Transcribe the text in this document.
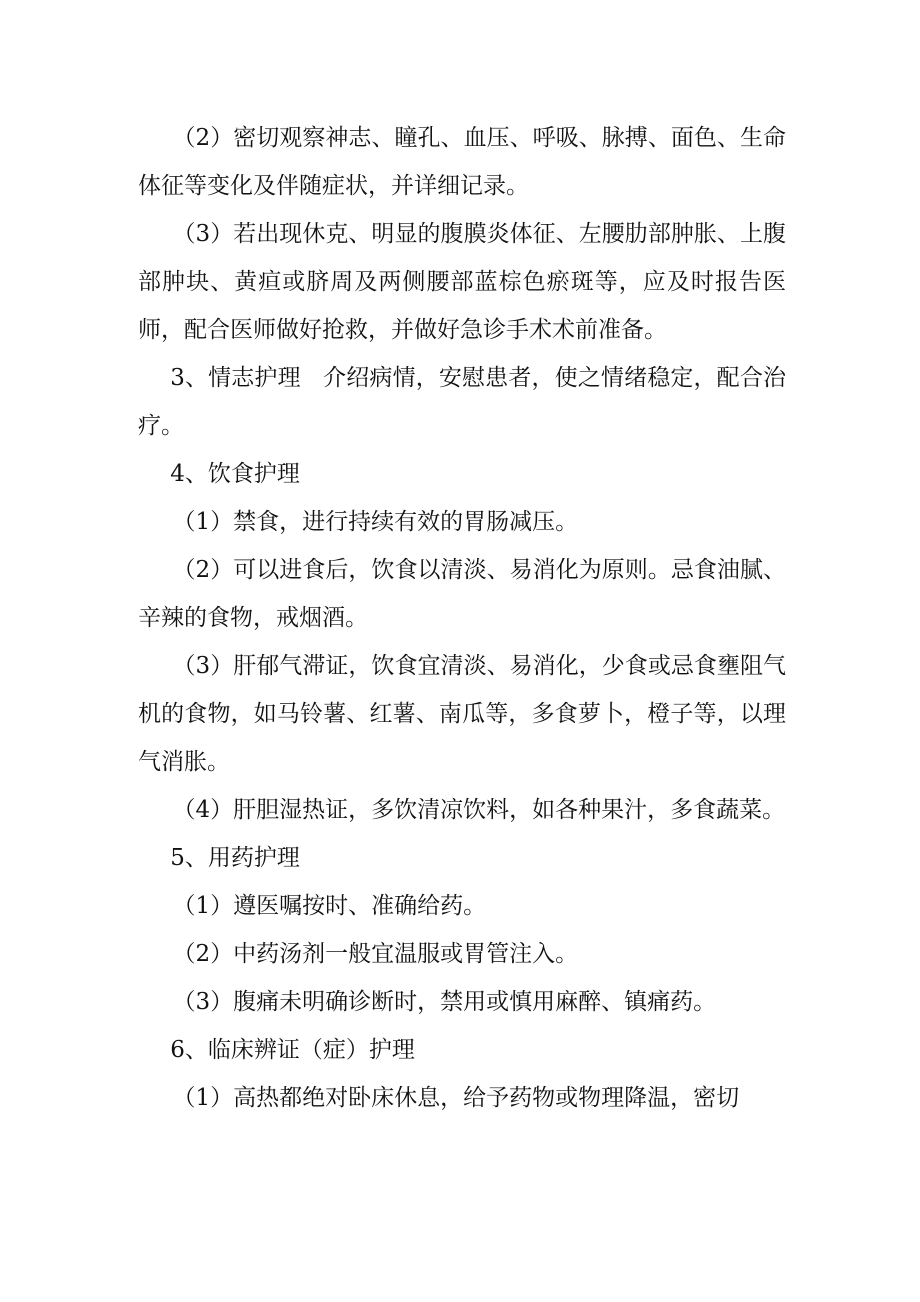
（2）密切观察神志、瞳孔、血压、呼吸、脉搏、面色、生命体征等变化及伴随症状，并详细记录。

（3）若出现休克、明显的腹膜炎体征、左腰肋部肿胀、上腹部肿块、黄疸或脐周及两侧腰部蓝棕色瘀斑等，应及时报告医师，配合医师做好抢救，并做好急诊手术术前准备。

3、情志护理   介绍病情，安慰患者，使之情绪稳定，配合治疗。

4、饮食护理

（1）禁食，进行持续有效的胃肠减压。

（2）可以进食后，饮食以清淡、易消化为原则。忌食油腻、辛辣的食物，戒烟酒。

（3）肝郁气滞证，饮食宜清淡、易消化，少食或忌食壅阻气机的食物，如马铃薯、红薯、南瓜等，多食萝卜，橙子等，以理气消胀。

（4）肝胆湿热证，多饮清凉饮料，如各种果汁，多食蔬菜。

5、用药护理

（1）遵医嘱按时、准确给药。

（2）中药汤剂一般宜温服或胃管注入。

（3）腹痛未明确诊断时，禁用或慎用麻醉、镇痛药。

6、临床辨证（症）护理

（1）高热都绝对卧床休息，给予药物或物理降温，密切
